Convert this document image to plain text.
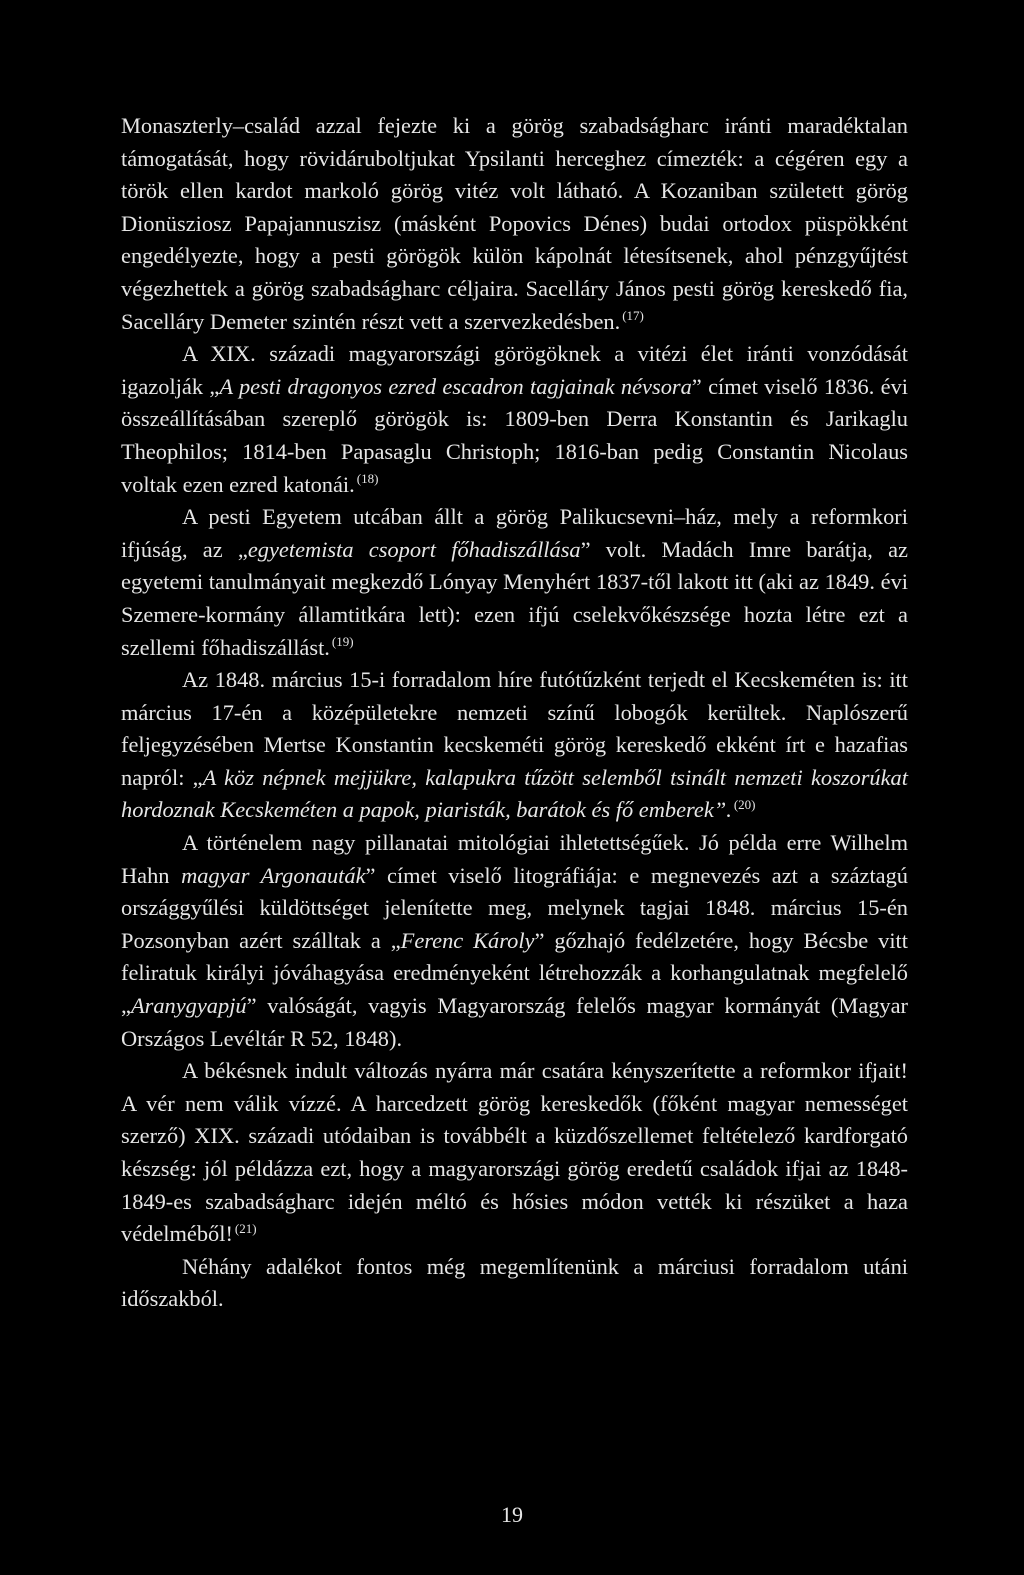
Monaszterly–család azzal fejezte ki a görög szabadságharc iránti maradéktalan támogatását, hogy rövidáruboltjukat Ypsilanti herceghez címezték: a cégéren egy a török ellen kardot markoló görög vitéz volt látható. A Kozaniban született görög Dionüsziosz Papajannuszisz (másként Popovics Dénes) budai ortodox püspökként engedélyezte, hogy a pesti görögök külön kápolnát létesítsenek, ahol pénzgyűjtést végezhettek a görög szabadságharc céljaira. Sacelláry János pesti görög kereskedő fia, Sacelláry Demeter szintén részt vett a szervezkedésben. $^{(17)}$

A XIX. századi magyarországi görögöknek a vitézi élet iránti vonzódását igazolják „A pesti dragonyos ezred escadron tagjainak névsora” címet viselő 1836. évi összeállításában szereplő görögök is: 1809-ben Derra Konstantin és Jarikaglu Theophilos; 1814-ben Papasaglu Christoph; 1816-ban pedig Constantin Nicolaus voltak ezen ezred katonái. $^{(18)}$

A pesti Egyetem utcában állt a görög Palikucsevni–ház, mely a reformkori ifjúság, az „egyetemista csoport főhadiszállása” volt. Madách Imre barátja, az egyetemi tanulmányait megkezdő Lónyay Menyhért 1837-től lakott itt (aki az 1849. évi Szemere-kormány államtitkára lett): ezen ifjú cselekvőkészsége hozta létre ezt a szellemi főhadiszállást. $^{(19)}$

Az 1848. március 15-i forradalom híre futótűzként terjedt el Kecskeméten is: itt március 17-én a középületekre nemzeti színű lobogók kerültek. Naplószerű feljegyzésében Mertse Konstantin kecskeméti görög kereskedő ekként írt e hazafias napról: „A köz népnek mejjükre, kalapukra tűzött selemből tsinált nemzeti koszorúkat hordoznak Kecskeméten a papok, piaristák, barátok és fő emberek”. $^{(20)}$

A történelem nagy pillanatai mitológiai ihletettségűek. Jó példa erre Wilhelm Hahn magyar Argonauták” címet viselő litográfiája: e megnevezés azt a száztagú országgyűlési küldöttséget jelenítette meg, melynek tagjai 1848. március 15-én Pozsonyban azért szálltak a „Ferenc Károly” gőzhajó fedélzetére, hogy Bécsbe vitt feliratuk királyi jóváhagyása eredményeként létrehozzák a korhangulatnak megfelelő „Aranygyapjú” valóságát, vagyis Magyarország felelős magyar kormányát (Magyar Országos Levéltár R 52, 1848).

A békésnek indult változás nyárra már csatára kényszerítette a reformkor ifjait! A vér nem válik vízzé. A harcedzett görög kereskedők (főként magyar nemességet szerző) XIX. századi utódaiban is továbbélt a küzdőszellemet feltételező kardforgató készség: jól példázza ezt, hogy a magyarországi görög eredetű családok ifjai az 1848-1849-es szabadságharc idején méltó és hősies módon vették ki részüket a haza védelméből! $^{(21)}$

Néhány adalékot fontos még megemlítenünk a márciusi forradalom utáni időszakból.

19
